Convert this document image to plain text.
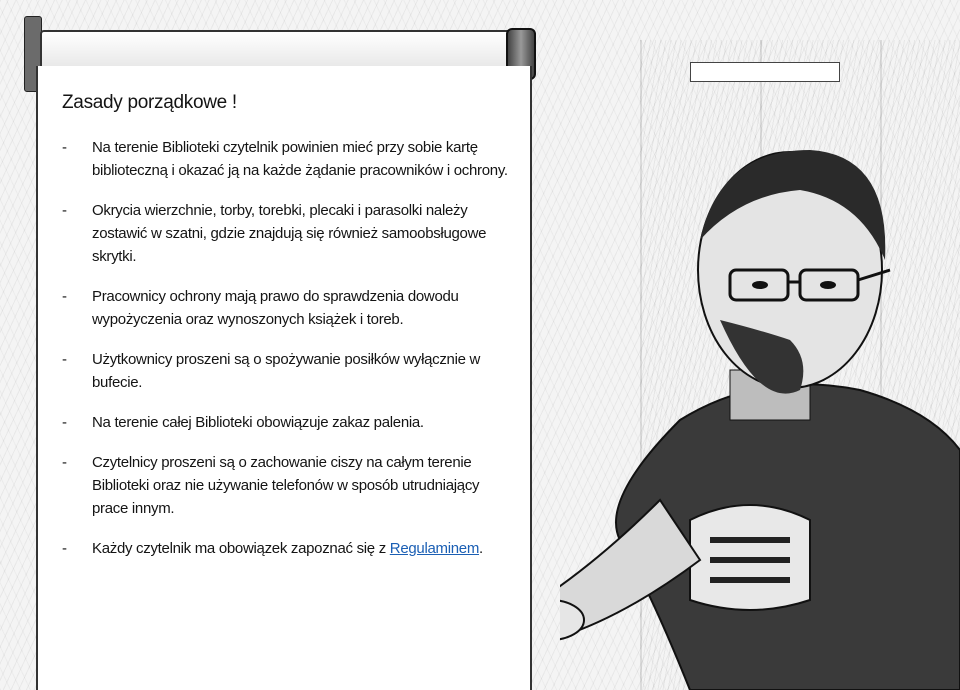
Zasady porządkowe !
- Na terenie Biblioteki czytelnik powinien mieć przy sobie kartę biblioteczną i okazać ją na każde żądanie pracowników i ochrony.
- Okrycia wierzchnie, torby, torebki, plecaki i parasolki należy zostawić w szatni, gdzie znajdują się również samoobsługowe skrytki.
- Pracownicy ochrony mają prawo do sprawdzenia dowodu wypożyczenia oraz wynoszonych książek i toreb.
- Użytkownicy proszeni są o spożywanie posiłków wyłącznie w bufecie.
- Na terenie całej Biblioteki obowiązuje zakaz palenia.
- Czytelnicy proszeni są o zachowanie ciszy na całym terenie Biblioteki oraz nie używanie telefonów w sposób utrudniający prace innym.
- Każdy czytelnik ma obowiązek zapoznać się z Regulaminem.
